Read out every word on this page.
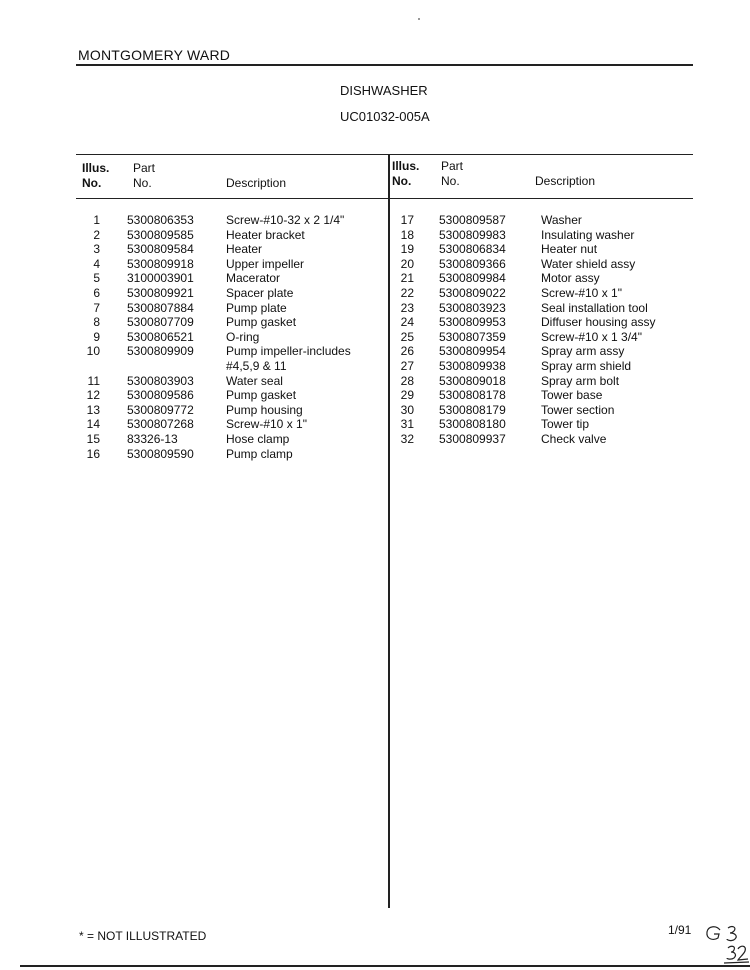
MONTGOMERY WARD
DISHWASHER
UC01032-005A
Illus.
No.
Part
No.	Description
Illus.
No.
Part
No.	Description
1 5300806353	Screw-#10-32 x 2 1/4"
2 5300809585	Heater bracket
3 5300809584	Heater
4 5300809918	Upper impeller
5 3100003901	Macerator
6 5300809921	Spacer plate
7 5300807884	Pump plate
8 5300807709	Pump gasket
9 5300806521	O-ring
10 5300809909	Pump impeller-includes
#4,5,9 & 11
11 5300803903	Water seal
12 5300809586	Pump gasket
13 5300809772	Pump housing
14 5300807268	Screw-#10 x 1"
15 83326-13	Hose clamp
16 5300809590	Pump clamp
17 5300809587	Washer
18 5300809983	Insulating washer
19 5300806834	Heater nut
20 5300809366	Water shield assy
21 5300809984	Motor assy
22 5300809022	Screw-#10 x 1"
23 5300803923	Seal installation tool
24 5300809953	Diffuser housing assy
25 5300807359	Screw-#10 x 1 3/4"
26 5300809954	Spray arm assy
27 5300809938	Spray arm shield
28 5300809018	Spray arm bolt
29 5300808178	Tower base
30 5300808179	Tower section
31 5300808180	Tower tip
32 5300809937	Check valve
* = NOT ILLUSTRATED	1/91
